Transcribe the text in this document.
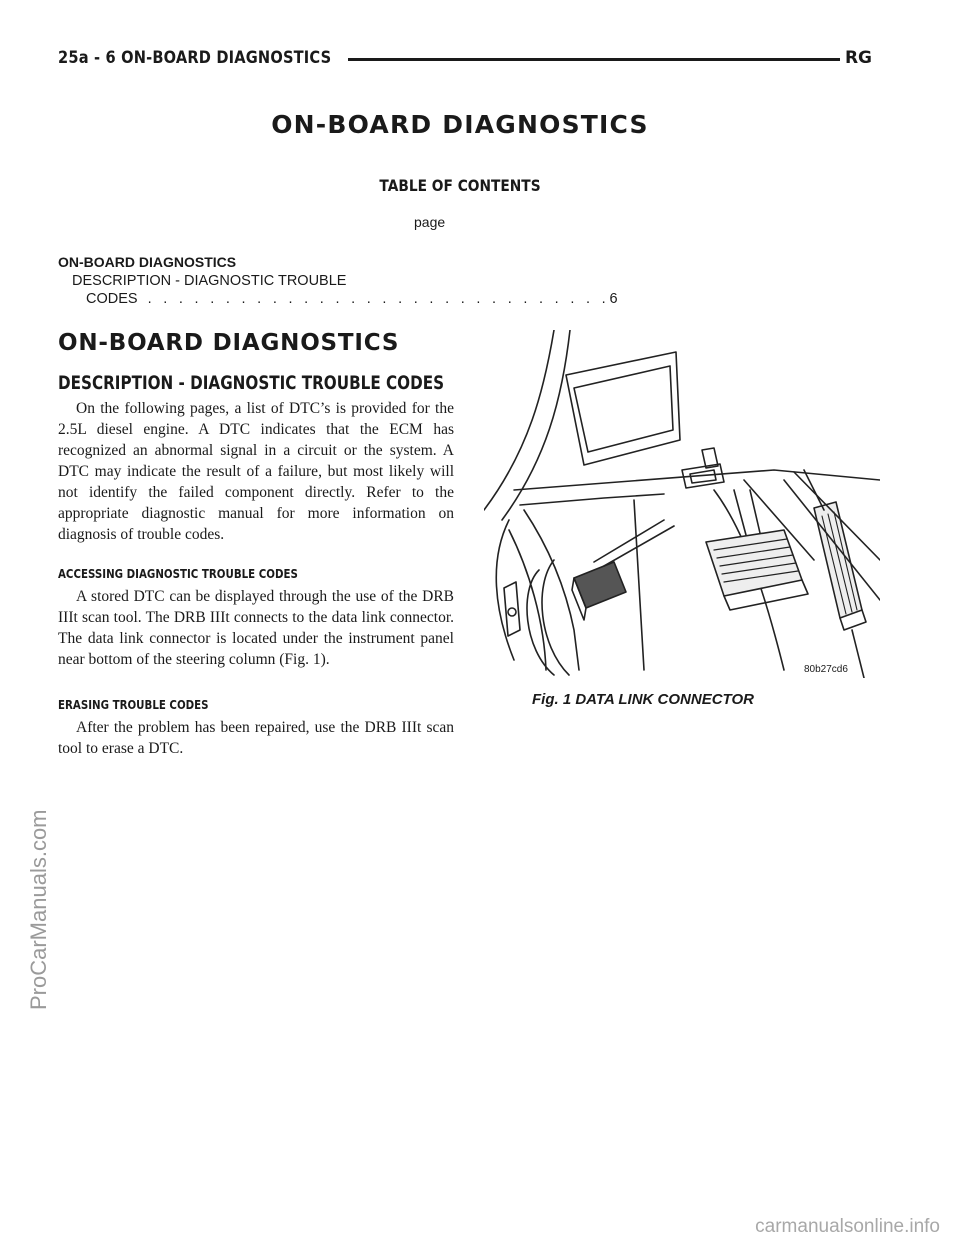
25a - 6 ON-BOARD DIAGNOSTICS	RG
ON-BOARD DIAGNOSTICS
TABLE OF CONTENTS
page
ON-BOARD DIAGNOSTICS
DESCRIPTION - DIAGNOSTIC TROUBLE
CODES . . . . . . . . . . . . . . . . . . . . . . . . . . . . . .6
ON-BOARD DIAGNOSTICS
DESCRIPTION - DIAGNOSTIC TROUBLE CODES

On the following pages, a list of DTC’s is provided for the 2.5L diesel engine. A DTC indicates that the ECM has recognized an abnormal signal in a circuit or the system. A DTC may indicate the result of a failure, but most likely will not identify the failed component directly. Refer to the appropriate diagnostic manual for more information on diagnosis of trouble codes.

ACCESSING DIAGNOSTIC TROUBLE CODES

A stored DTC can be displayed through the use of the DRB IIIt scan tool. The DRB IIIt connects to the data link connector. The data link connector is located under the instrument panel near bottom of the steering column (Fig. 1).

ERASING TROUBLE CODES

After the problem has been repaired, use the DRB IIIt scan tool to erase a DTC.

80b27cd6
Fig. 1 DATA LINK CONNECTOR
ProCarManuals.com
carmanualsonline.info
